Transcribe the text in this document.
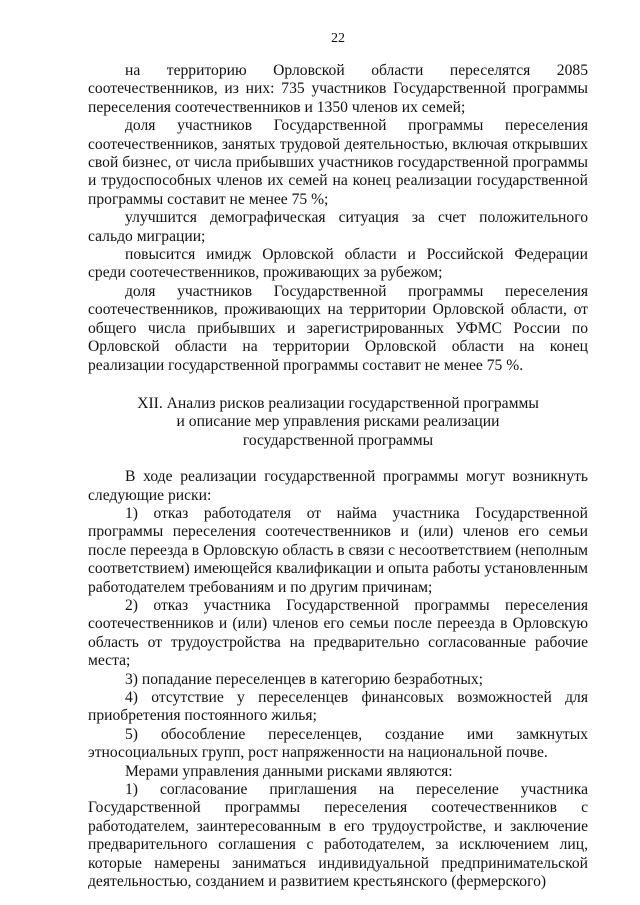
22

на территорию Орловской области переселятся 2085 соотечественников, из них: 735 участников Государственной программы переселения соотечественников и 1350 членов их семей;

доля участников Государственной программы переселения соотечественников, занятых трудовой деятельностью, включая открывших свой бизнес, от числа прибывших участников государственной программы и трудоспособных членов их семей на конец реализации государственной программы составит не менее 75 %;

улучшится демографическая ситуация за счет положительного сальдо миграции;

повысится имидж Орловской области и Российской Федерации среди соотечественников, проживающих за рубежом;

доля участников Государственной программы переселения соотечественников, проживающих на территории Орловской области, от общего числа прибывших и зарегистрированных УФМС России по Орловской области на территории Орловской области на конец реализации государственной программы составит не менее 75 %.

XII. Анализ рисков реализации государственной программы
и описание мер управления рисками реализации
государственной программы

В ходе реализации государственной программы могут возникнуть следующие риски:

1) отказ работодателя от найма участника Государственной программы переселения соотечественников и (или) членов его семьи после переезда в Орловскую область в связи с несоответствием (неполным соответствием) имеющейся квалификации и опыта работы установленным работодателем требованиям и по другим причинам;

2) отказ участника Государственной программы переселения соотечественников и (или) членов его семьи после переезда в Орловскую область от трудоустройства на предварительно согласованные рабочие места;

3) попадание переселенцев в категорию безработных;

4) отсутствие у переселенцев финансовых возможностей для приобретения постоянного жилья;

5) обособление переселенцев, создание ими замкнутых этносоциальных групп, рост напряженности на национальной почве.

Мерами управления данными рисками являются:

1) согласование приглашения на переселение участника Государственной программы переселения соотечественников с работодателем, заинтересованным в его трудоустройстве, и заключение предварительного соглашения с работодателем, за исключением лиц, которые намерены заниматься индивидуальной предпринимательской деятельностью, созданием и развитием крестьянского (фермерского)
